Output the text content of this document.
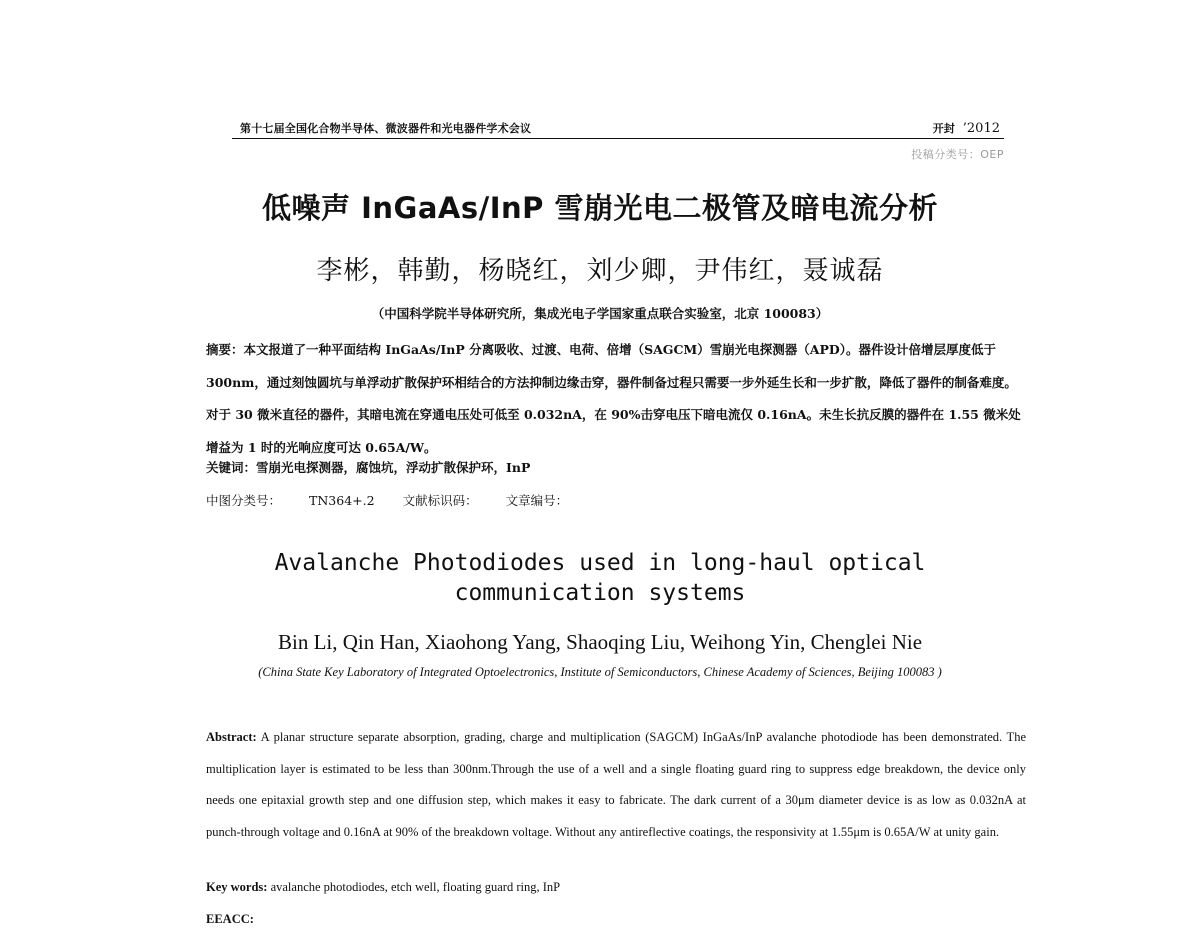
第十七届全国化合物半导体、微波器件和光电器件学术会议	开封 ’2012
投稿分类号：OEP
低噪声 InGaAs/InP 雪崩光电二极管及暗电流分析
李彬，韩勤，杨晓红，刘少卿，尹伟红，聂诚磊
（中国科学院半导体研究所，集成光电子学国家重点联合实验室，北京 100083）
摘要：本文报道了一种平面结构 InGaAs/InP 分离吸收、过渡、电荷、倍增（SAGCM）雪崩光电探测器（APD）。器件设计倍增层厚度低于 300nm，通过刻蚀圆坑与单浮动扩散保护环相结合的方法抑制边缘击穿，器件制备过程只需要一步外延生长和一步扩散，降低了器件的制备难度。对于 30 微米直径的器件，其暗电流在穿通电压处可低至 0.032nA，在 90%击穿电压下暗电流仅 0.16nA。未生长抗反膜的器件在 1.55 微米处增益为 1 时的光响应度可达 0.65A/W。
关键词：雪崩光电探测器，腐蚀坑，浮动扩散保护环，InP
中图分类号： TN364+.2 文献标识码： 文章编号：
Avalanche Photodiodes used in long-haul optical
communication systems
Bin Li, Qin Han, Xiaohong Yang, Shaoqing Liu, Weihong Yin, Chenglei Nie
(China State Key Laboratory of Integrated Optoelectronics, Institute of Semiconductors, Chinese Academy of Sciences, Beijing 100083 )
Abstract: A planar structure separate absorption, grading, charge and multiplication (SAGCM) InGaAs/InP avalanche photodiode has been demonstrated. The multiplication layer is estimated to be less than 300nm.Through the use of a well and a single floating guard ring to suppress edge breakdown, the device only needs one epitaxial growth step and one diffusion step, which makes it easy to fabricate. The dark current of a 30μm diameter device is as low as 0.032nA at punch-through voltage and 0.16nA at 90% of the breakdown voltage. Without any antireflective coatings, the responsivity at 1.55μm is 0.65A/W at unity gain.
Key words: avalanche photodiodes, etch well, floating guard ring, InP
EEACC:
